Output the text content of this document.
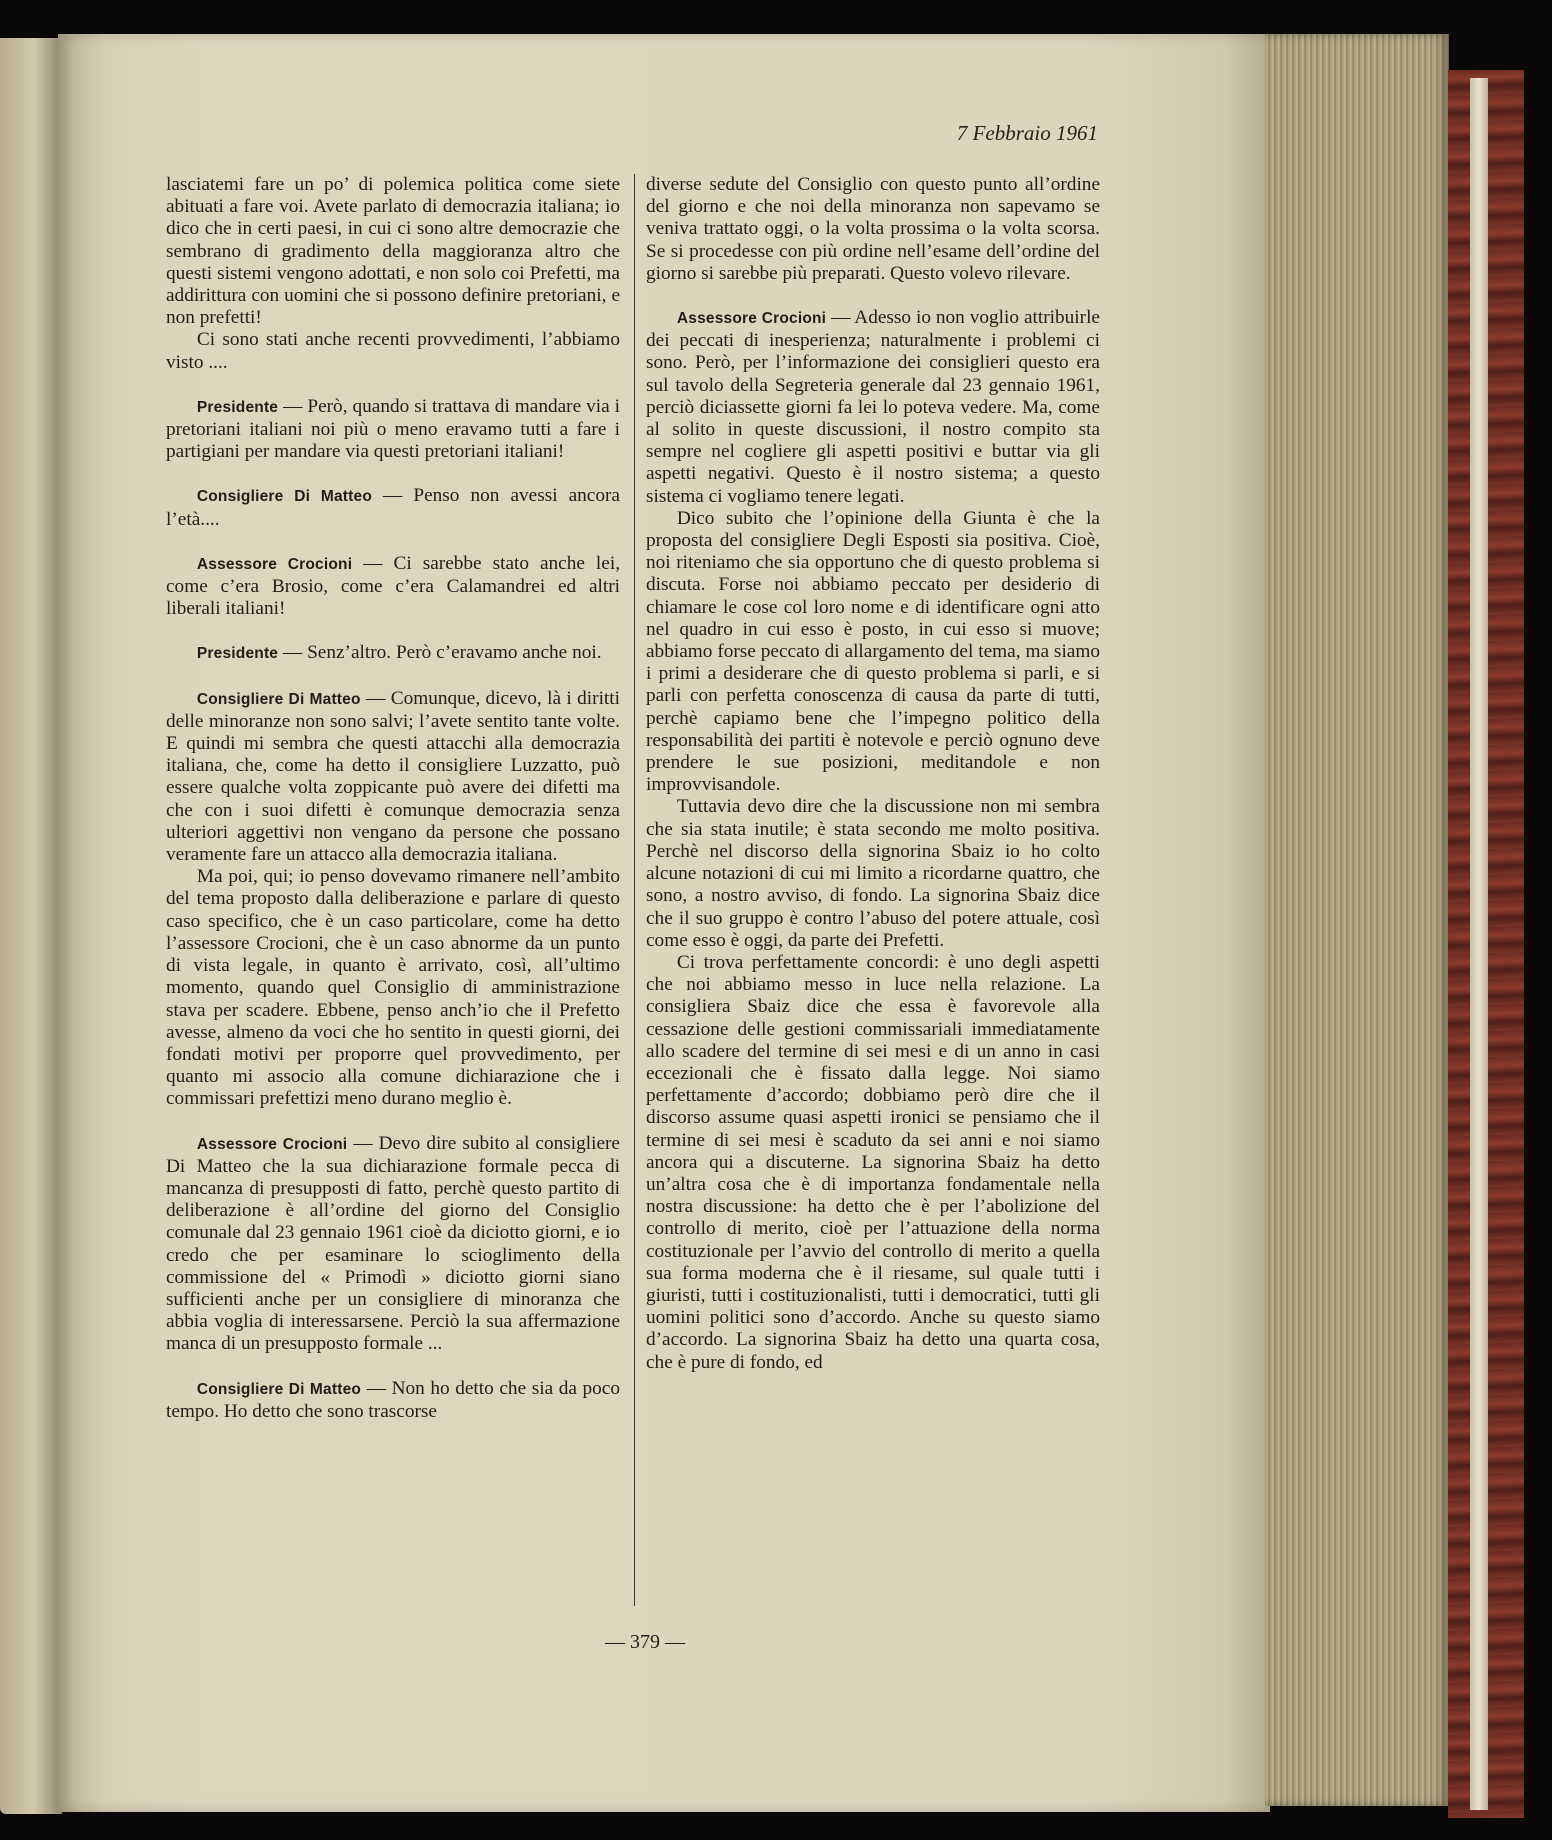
7 Febbraio 1961

lasciatemi fare un po’ di polemica politica come siete abituati a fare voi. Avete parlato di democrazia italiana; io dico che in certi paesi, in cui ci sono altre democrazie che sembrano di gradimento della maggioranza altro che questi sistemi vengono adottati, e non solo coi Prefetti, ma addirittura con uomini che si possono definire pretoriani, e non prefetti!

Ci sono stati anche recenti provvedimenti, l’abbiamo visto ....

Presidente — Però, quando si trattava di mandare via i pretoriani italiani noi più o meno eravamo tutti a fare i partigiani per mandare via questi pretoriani italiani!

Consigliere Di Matteo — Penso non avessi ancora l’età....

Assessore Crocioni — Ci sarebbe stato anche lei, come c’era Brosio, come c’era Calamandrei ed altri liberali italiani!

Presidente — Senz’altro. Però c’eravamo anche noi.

Consigliere Di Matteo — Comunque, dicevo, là i diritti delle minoranze non sono salvi; l’avete sentito tante volte. E quindi mi sembra che questi attacchi alla democrazia italiana, che, come ha detto il consigliere Luzzatto, può essere qualche volta zoppicante può avere dei difetti ma che con i suoi difetti è comunque democrazia senza ulteriori aggettivi non vengano da persone che possano veramente fare un attacco alla democrazia italiana.

Ma poi, qui; io penso dovevamo rimanere nell’ambito del tema proposto dalla deliberazione e parlare di questo caso specifico, che è un caso particolare, come ha detto l’assessore Crocioni, che è un caso abnorme da un punto di vista legale, in quanto è arrivato, così, all’ultimo momento, quando quel Consiglio di amministrazione stava per scadere. Ebbene, penso anch’io che il Prefetto avesse, almeno da voci che ho sentito in questi giorni, dei fondati motivi per proporre quel provvedimento, per quanto mi associo alla comune dichiarazione che i commissari prefettizi meno durano meglio è.

Assessore Crocioni — Devo dire subito al consigliere Di Matteo che la sua dichiarazione formale pecca di mancanza di presupposti di fatto, perchè questo partito di deliberazione è all’ordine del giorno del Consiglio comunale dal 23 gennaio 1961 cioè da diciotto giorni, e io credo che per esaminare lo scioglimento della commissione del « Primodì » diciotto giorni siano sufficienti anche per un consigliere di minoranza che abbia voglia di interessarsene. Perciò la sua affermazione manca di un presupposto formale ...

Consigliere Di Matteo — Non ho detto che sia da poco tempo. Ho detto che sono trascorse

diverse sedute del Consiglio con questo punto all’ordine del giorno e che noi della minoranza non sapevamo se veniva trattato oggi, o la volta prossima o la volta scorsa. Se si procedesse con più ordine nell’esame dell’ordine del giorno si sarebbe più preparati. Questo volevo rilevare.

Assessore Crocioni — Adesso io non voglio attribuirle dei peccati di inesperienza; naturalmente i problemi ci sono. Però, per l’informazione dei consiglieri questo era sul tavolo della Segreteria generale dal 23 gennaio 1961, perciò diciassette giorni fa lei lo poteva vedere. Ma, come al solito in queste discussioni, il nostro compito sta sempre nel cogliere gli aspetti positivi e buttar via gli aspetti negativi. Questo è il nostro sistema; a questo sistema ci vogliamo tenere legati.

Dico subito che l’opinione della Giunta è che la proposta del consigliere Degli Esposti sia positiva. Cioè, noi riteniamo che sia opportuno che di questo problema si discuta. Forse noi abbiamo peccato per desiderio di chiamare le cose col loro nome e di identificare ogni atto nel quadro in cui esso è posto, in cui esso si muove; abbiamo forse peccato di allargamento del tema, ma siamo i primi a desiderare che di questo problema si parli, e si parli con perfetta conoscenza di causa da parte di tutti, perchè capiamo bene che l’impegno politico della responsabilità dei partiti è notevole e perciò ognuno deve prendere le sue posizioni, meditandole e non improvvisandole.

Tuttavia devo dire che la discussione non mi sembra che sia stata inutile; è stata secondo me molto positiva. Perchè nel discorso della signorina Sbaiz io ho colto alcune notazioni di cui mi limito a ricordarne quattro, che sono, a nostro avviso, di fondo. La signorina Sbaiz dice che il suo gruppo è contro l’abuso del potere attuale, così come esso è oggi, da parte dei Prefetti.

Ci trova perfettamente concordi: è uno degli aspetti che noi abbiamo messo in luce nella relazione. La consigliera Sbaiz dice che essa è favorevole alla cessazione delle gestioni commissariali immediatamente allo scadere del termine di sei mesi e di un anno in casi eccezionali che è fissato dalla legge. Noi siamo perfettamente d’accordo; dobbiamo però dire che il discorso assume quasi aspetti ironici se pensiamo che il termine di sei mesi è scaduto da sei anni e noi siamo ancora qui a discuterne. La signorina Sbaiz ha detto un’altra cosa che è di importanza fondamentale nella nostra discussione: ha detto che è per l’abolizione del controllo di merito, cioè per l’attuazione della norma costituzionale per l’avvio del controllo di merito a quella sua forma moderna che è il riesame, sul quale tutti i giuristi, tutti i costituzionalisti, tutti i democratici, tutti gli uomini politici sono d’accordo. Anche su questo siamo d’accordo. La signorina Sbaiz ha detto una quarta cosa, che è pure di fondo, ed

— 379 —
